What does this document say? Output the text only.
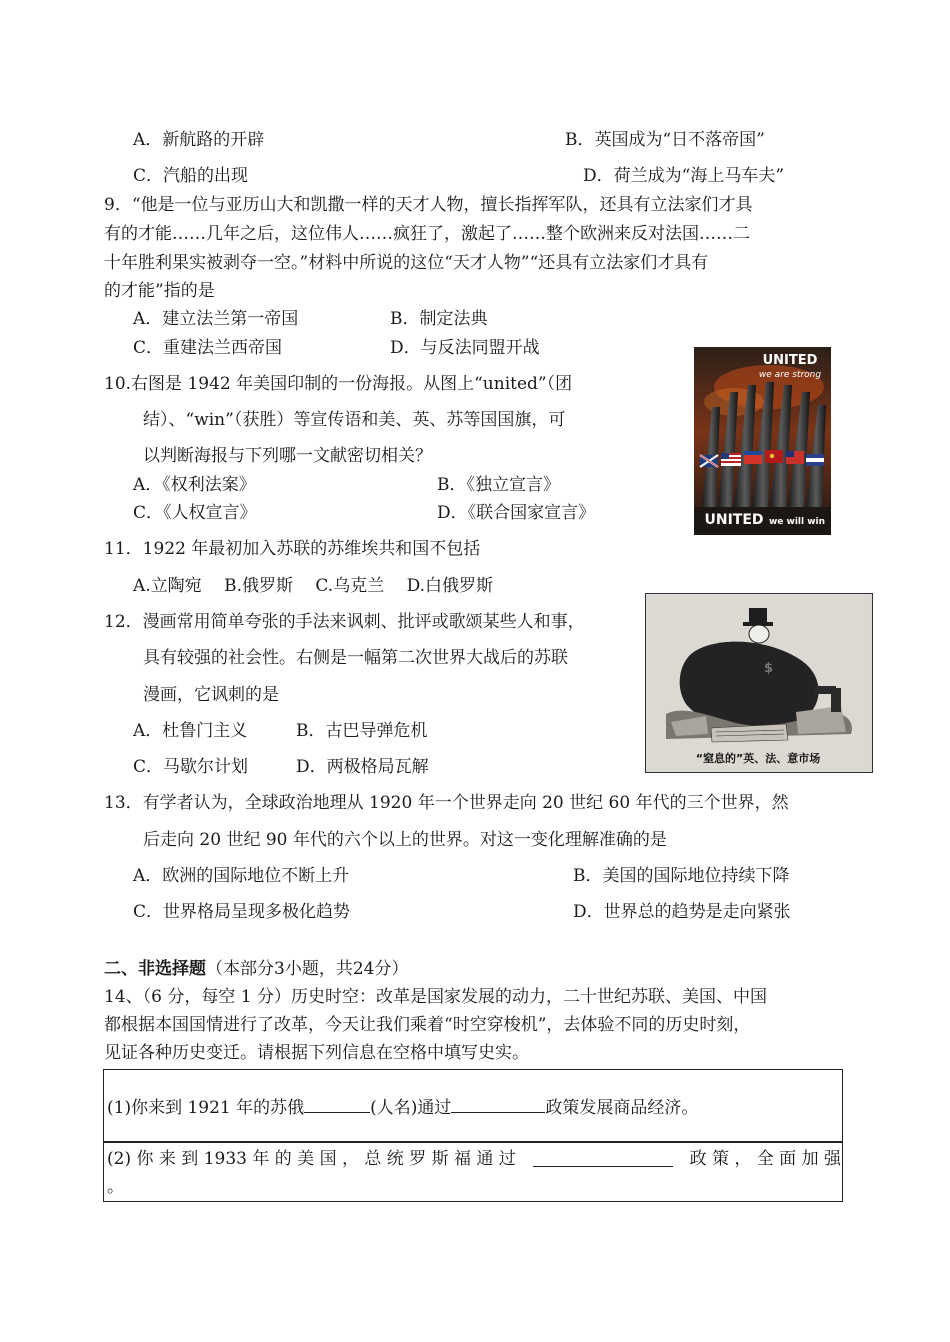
A．新航路的开辟	B．英国成为“日不落帝国”
C．汽船的出现	D．荷兰成为“海上马车夫”
9．“他是一位与亚历山大和凯撒一样的天才人物，擅长指挥军队，还具有立法家们才具
有的才能……几年之后，这位伟人……疯狂了，激起了……整个欧洲来反对法国……二
十年胜利果实被剥夺一空。”材料中所说的这位“天才人物”“还具有立法家们才具有
的才能”指的是
A．建立法兰第一帝国	B．制定法典
C．重建法兰西帝国	D．与反法同盟开战
10.右图是 1942 年美国印制的一份海报。从图上“united”（团
结）、“win”（获胜）等宣传语和美、英、苏等国国旗，可
以判断海报与下列哪一文献密切相关？
A．《权利法案》	B．《独立宣言》
C．《人权宣言》	D．《联合国家宣言》
UNITED
we are strong
UNITED we will win
11．1922 年最初加入苏联的苏维埃共和国不包括
A.立陶宛　 B.俄罗斯　 C.乌克兰　 D.白俄罗斯
12．漫画常用简单夸张的手法来讽刺、批评或歌颂某些人和事，
具有较强的社会性。右侧是一幅第二次世界大战后的苏联
漫画，它讽刺的是
A．杜鲁门主义	B．古巴导弹危机
C．马歇尔计划	D．两极格局瓦解
$
“窒息的”英、法、意市场
13．有学者认为，全球政治地理从 1920 年一个世界走向 20 世纪 60 年代的三个世界，然
后走向 20 世纪 90 年代的六个以上的世界。对这一变化理解准确的是
A．欧洲的国际地位不断上升	B．美国的国际地位持续下降
C．世界格局呈现多极化趋势	D．世界总的趋势是走向紧张
二、非选择题（本部分3小题，共24分）
14、（6 分，每空 1 分）历史时空：改革是国家发展的动力，二十世纪苏联、美国、中国
都根据本国国情进行了改革，今天让我们乘着“时空穿梭机”，去体验不同的历史时刻，
见证各种历史变迁。请根据下列信息在空格中填写史实。
(1)你来到 1921 年的苏俄	(人名)通过	政策发展商品经济。
(2) 你 来 到 1933 年 的 美 国 ， 总 统 罗 斯 福 通 过	政 策 ， 全 面 加 强
。
